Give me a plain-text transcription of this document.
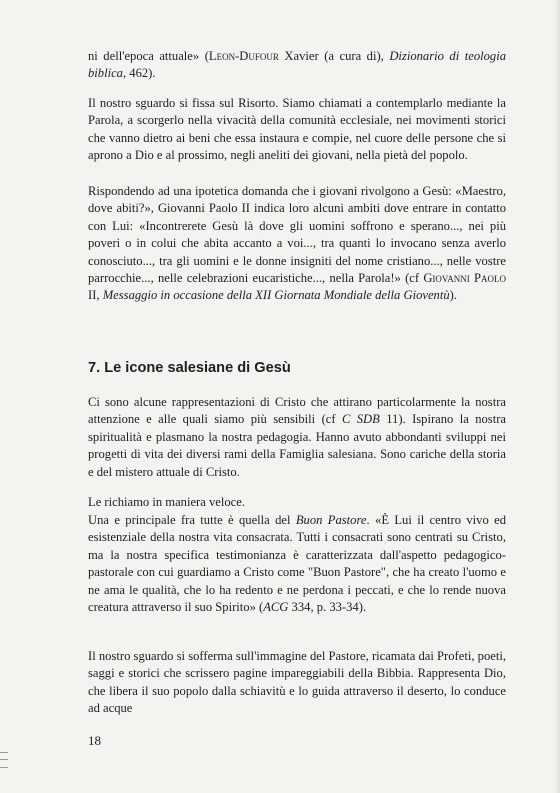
ni dell'epoca attuale» (Leon-Dufour Xavier (a cura di), Dizionario di teologia biblica, 462).

Il nostro sguardo si fissa sul Risorto. Siamo chiamati a contemplarlo mediante la Parola, a scorgerlo nella vivacità della comunità ecclesiale, nei movimenti storici che vanno dietro ai beni che essa instaura e compie, nel cuore delle persone che si aprono a Dio e al prossimo, negli aneliti dei giovani, nella pietà del popolo.

Rispondendo ad una ipotetica domanda che i giovani rivolgono a Gesù: «Maestro, dove abiti?», Giovanni Paolo II indica loro alcuni ambiti dove entrare in contatto con Lui: «Incontrerete Gesù là dove gli uomini soffrono e sperano..., nei più poveri o in colui che abita accanto a voi..., tra quanti lo invocano senza averlo conosciuto..., tra gli uomini e le donne insigniti del nome cristiano..., nelle vostre parrocchie..., nelle celebrazioni eucaristiche..., nella Parola!» (cf Giovanni Paolo II, Messaggio in occasione della XII Giornata Mondiale della Gioventù).

7. Le icone salesiane di Gesù

Ci sono alcune rappresentazioni di Cristo che attirano particolarmente la nostra attenzione e alle quali siamo più sensibili (cf C SDB 11). Ispirano la nostra spiritualità e plasmano la nostra pedagogia. Hanno avuto abbondanti sviluppi nei progetti di vita dei diversi rami della Famiglia salesiana. Sono cariche della storia e del mistero attuale di Cristo.

Le richiamo in maniera veloce.

Una e principale fra tutte è quella del Buon Pastore. «È Lui il centro vivo ed esistenziale della nostra vita consacrata. Tutti i consacrati sono centrati su Cristo, ma la nostra specifica testimonianza è caratterizzata dall'aspetto pedagogico-pastorale con cui guardiamo a Cristo come "Buon Pastore", che ha creato l'uomo e ne ama le qualità, che lo ha redento e ne perdona i peccati, e che lo rende nuova creatura attraverso il suo Spirito» (ACG 334, p. 33-34).

Il nostro sguardo si sofferma sull'immagine del Pastore, ricamata dai Profeti, poeti, saggi e storici che scrissero pagine impareggiabili della Bibbia. Rappresenta Dio, che libera il suo popolo dalla schiavitù e lo guida attraverso il deserto, lo conduce ad acque

18
